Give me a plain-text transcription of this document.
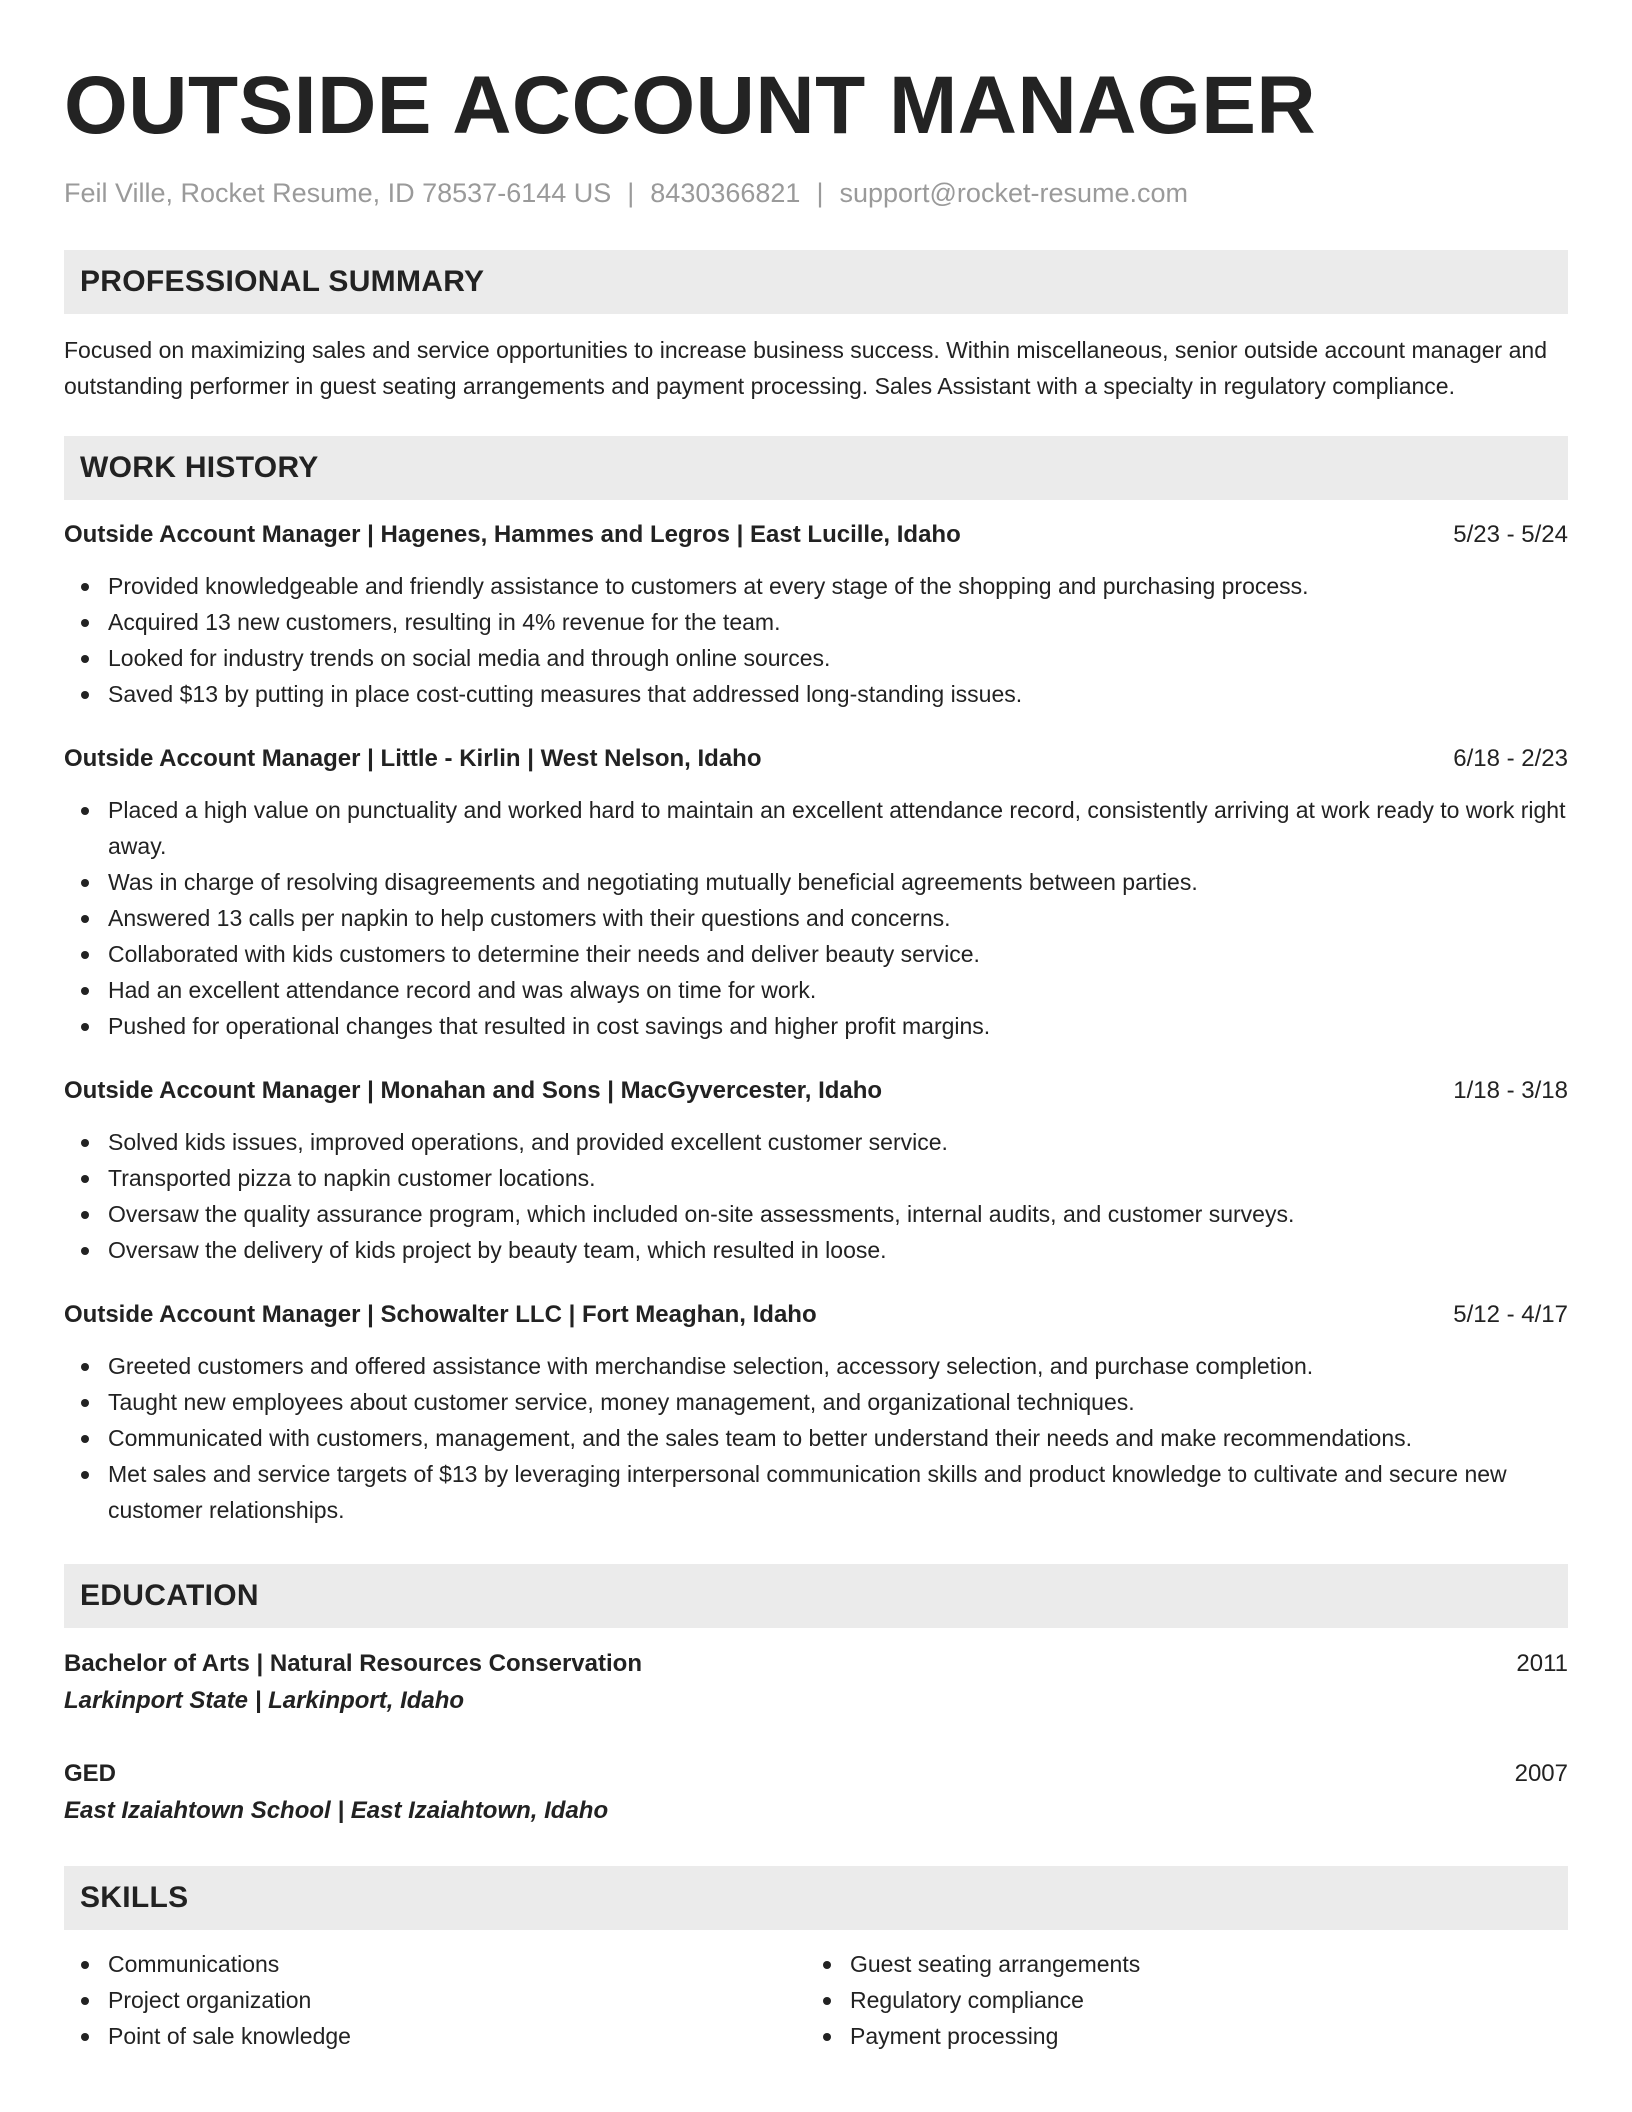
OUTSIDE ACCOUNT MANAGER
Feil Ville, Rocket Resume, ID 78537-6144 US | 8430366821 | support@rocket-resume.com
PROFESSIONAL SUMMARY

Focused on maximizing sales and service opportunities to increase business success. Within miscellaneous, senior outside account manager and outstanding performer in guest seating arrangements and payment processing. Sales Assistant with a specialty in regulatory compliance.

WORK HISTORY
Outside Account Manager | Hagenes, Hammes and Legros | East Lucille, Idaho	5/23 - 5/24
Provided knowledgeable and friendly assistance to customers at every stage of the shopping and purchasing process.
Acquired 13 new customers, resulting in 4% revenue for the team.
Looked for industry trends on social media and through online sources.
Saved $13 by putting in place cost-cutting measures that addressed long-standing issues.
Outside Account Manager | Little - Kirlin | West Nelson, Idaho	6/18 - 2/23
Placed a high value on punctuality and worked hard to maintain an excellent attendance record, consistently arriving at work ready to work right away.
Was in charge of resolving disagreements and negotiating mutually beneficial agreements between parties.
Answered 13 calls per napkin to help customers with their questions and concerns.
Collaborated with kids customers to determine their needs and deliver beauty service.
Had an excellent attendance record and was always on time for work.
Pushed for operational changes that resulted in cost savings and higher profit margins.
Outside Account Manager | Monahan and Sons | MacGyvercester, Idaho	1/18 - 3/18
Solved kids issues, improved operations, and provided excellent customer service.
Transported pizza to napkin customer locations.
Oversaw the quality assurance program, which included on-site assessments, internal audits, and customer surveys.
Oversaw the delivery of kids project by beauty team, which resulted in loose.
Outside Account Manager | Schowalter LLC | Fort Meaghan, Idaho	5/12 - 4/17
Greeted customers and offered assistance with merchandise selection, accessory selection, and purchase completion.
Taught new employees about customer service, money management, and organizational techniques.
Communicated with customers, management, and the sales team to better understand their needs and make recommendations.
Met sales and service targets of $13 by leveraging interpersonal communication skills and product knowledge to cultivate and secure new customer relationships.
EDUCATION
Bachelor of Arts | Natural Resources Conservation	2011
Larkinport State | Larkinport, Idaho
GED	2007
East Izaiahtown School | East Izaiahtown, Idaho
SKILLS
Communications
Project organization
Point of sale knowledge
Guest seating arrangements
Regulatory compliance
Payment processing
